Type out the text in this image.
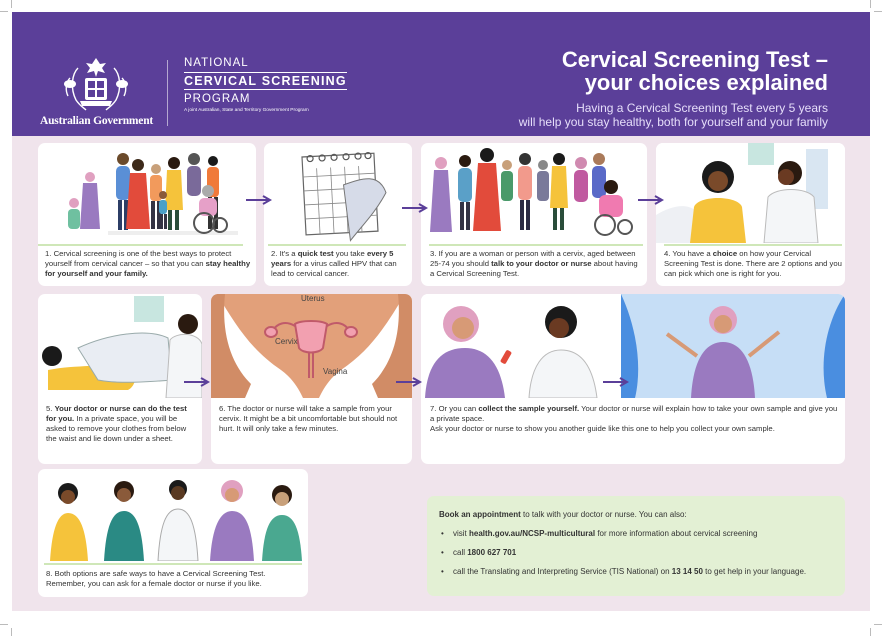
Australian Government
NATIONAL
CERVICAL SCREENING
PROGRAM
A joint Australian, State and Territory Government Program
Cervical Screening Test –
your choices explained
Having a Cervical Screening Test every 5 years
will help you stay healthy, both for yourself and your family
1. Cervical screening is one of the best ways to protect yourself from cervical cancer – so that you can stay healthy for yourself and your family.
2. It's a quick test you take every 5 years for a virus called HPV that can lead to cervical cancer.
3. If you are a woman or person with a cervix, aged between 25-74 you should talk to your doctor or nurse about having a Cervical Screening Test.
4. You have a choice on how your Cervical Screening Test is done. There are 2 options and you can pick which one is right for you.
5. Your doctor or nurse can do the test for you. In a private space, you will be asked to remove your clothes from below the waist and lie down under a sheet.
Uterus
Cervix
Vagina
6. The doctor or nurse will take a sample from your cervix. It might be a bit uncomfortable but should not hurt. It will only take a few minutes.
7. Or you can collect the sample yourself. Your doctor or nurse will explain how to take your own sample and give you a private space.
Ask your doctor or nurse to show you another guide like this one to help you collect your own sample.
8. Both options are safe ways to have a Cervical Screening Test. Remember, you can ask for a female doctor or nurse if you like.
Book an appointment to talk with your doctor or nurse. You can also:
• visit health.gov.au/NCSP-multicultural for more information about cervical screening
• call 1800 627 701
• call the Translating and Interpreting Service (TIS National) on 13 14 50 to get help in your language.
